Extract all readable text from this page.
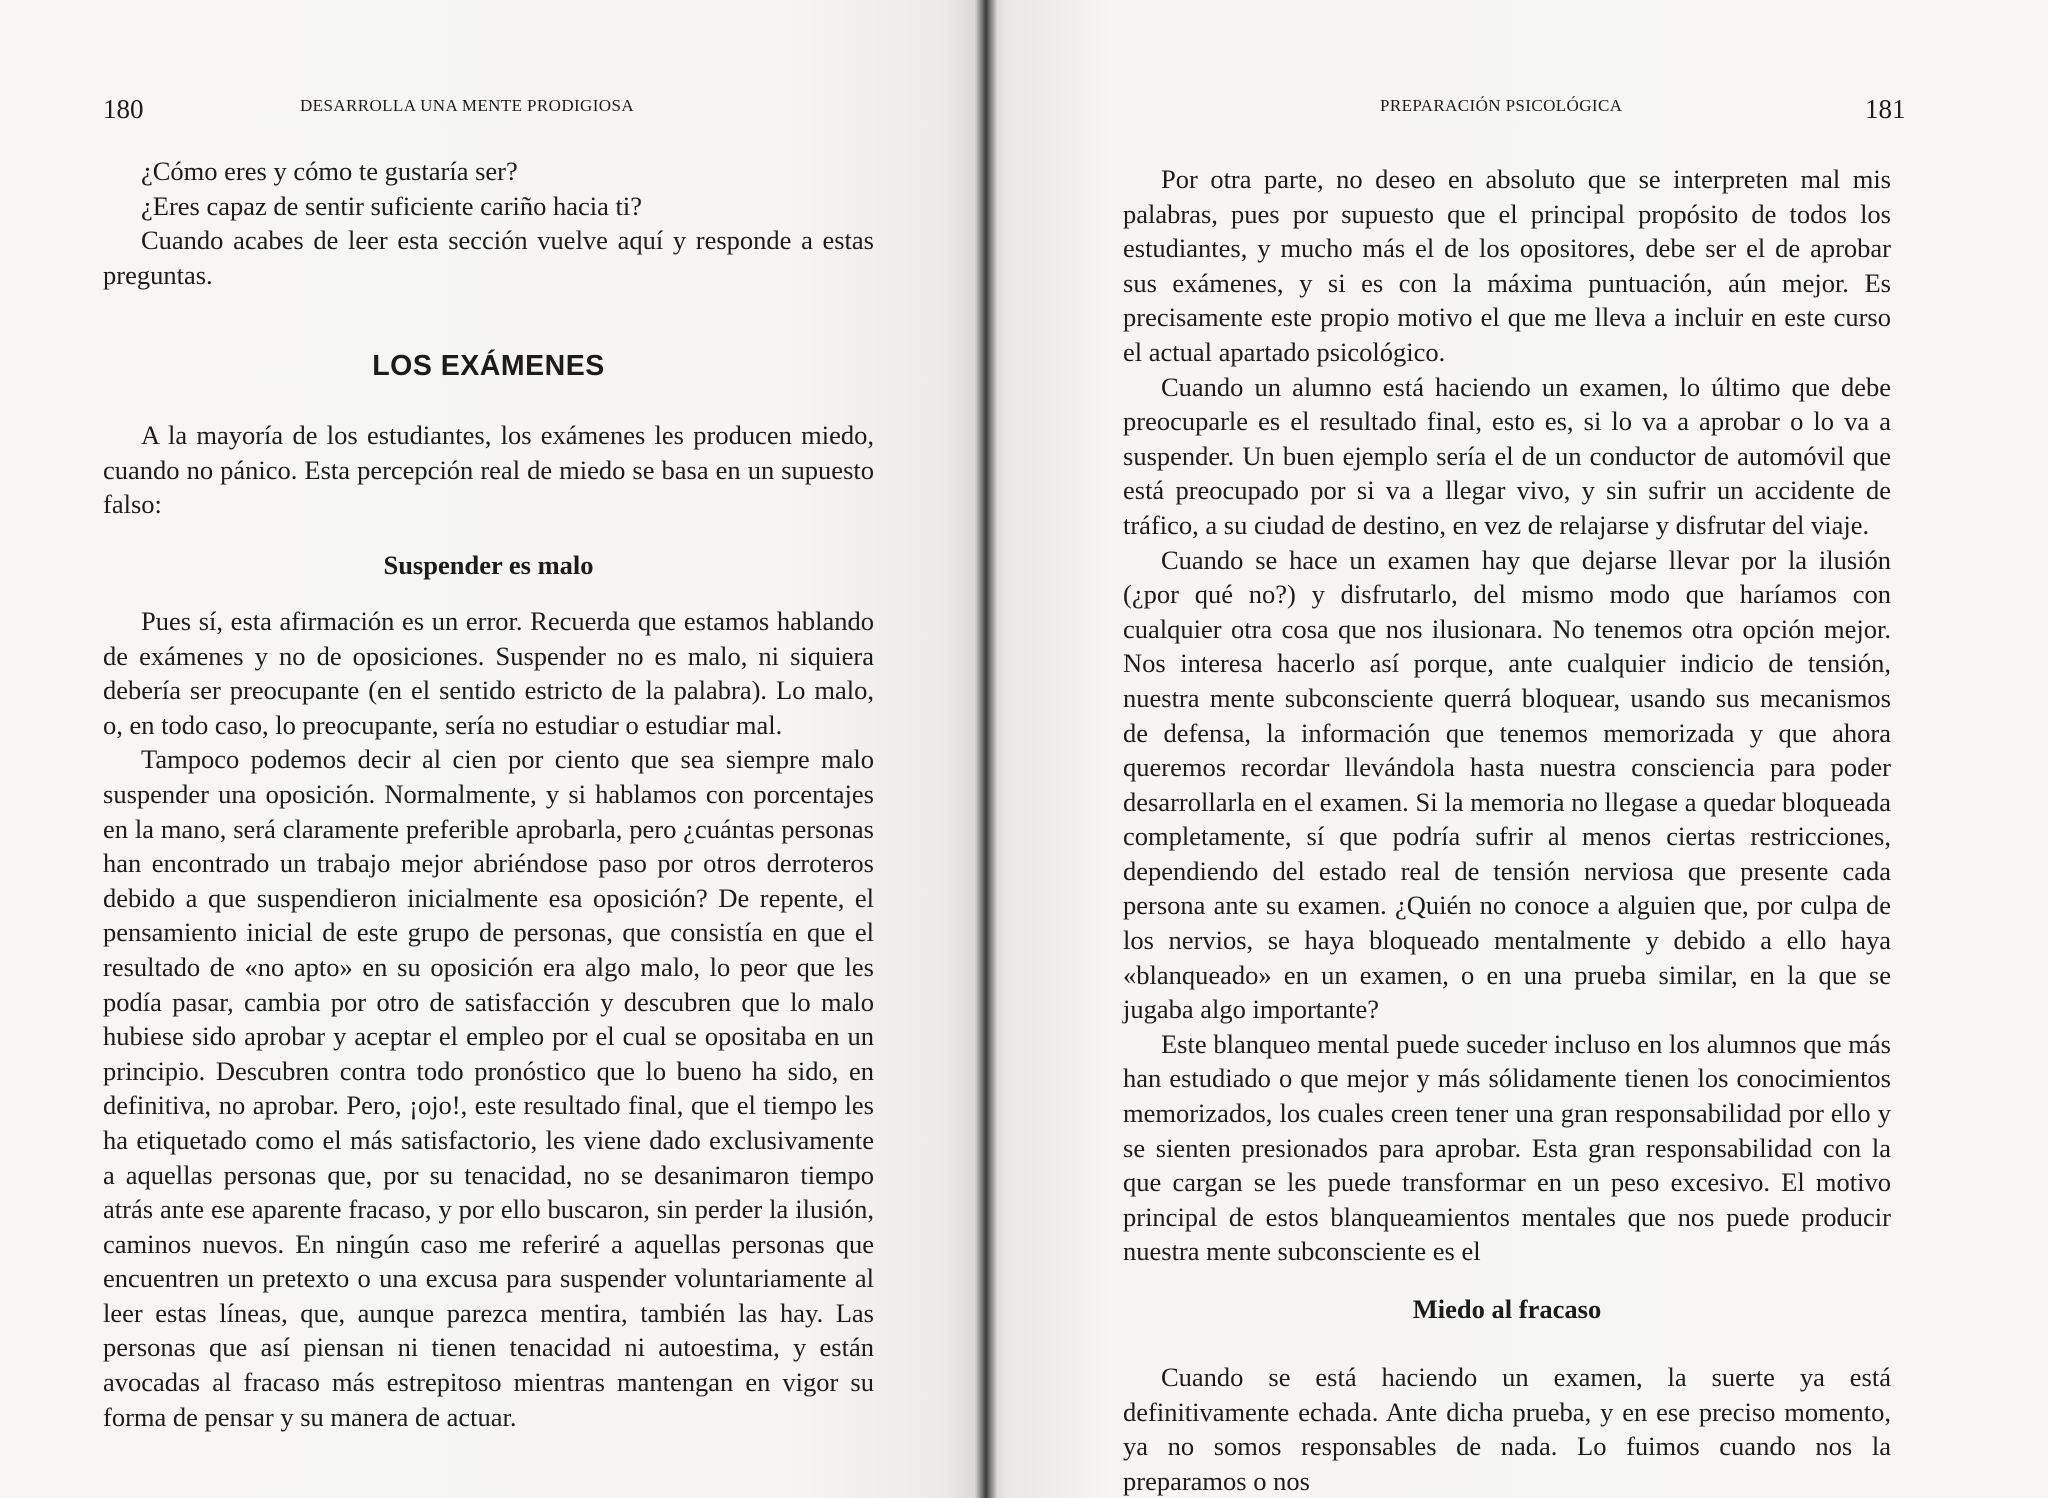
180	DESARROLLA UNA MENTE PRODIGIOSA

¿Cómo eres y cómo te gustaría ser?

¿Eres capaz de sentir suficiente cariño hacia ti?

Cuando acabes de leer esta sección vuelve aquí y responde a estas preguntas.

LOS EXÁMENES

A la mayoría de los estudiantes, los exámenes les producen miedo, cuando no pánico. Esta percepción real de miedo se basa en un supuesto falso:

Suspender es malo

Pues sí, esta afirmación es un error. Recuerda que estamos hablando de exámenes y no de oposiciones. Suspender no es malo, ni siquiera debería ser preocupante (en el sentido estricto de la palabra). Lo malo, o, en todo caso, lo preocupante, sería no estudiar o estudiar mal.

Tampoco podemos decir al cien por ciento que sea siempre malo suspender una oposición. Normalmente, y si hablamos con porcentajes en la mano, será claramente preferible aprobarla, pero ¿cuántas personas han encontrado un trabajo mejor abriéndose paso por otros derroteros debido a que suspendieron inicialmente esa oposición? De repente, el pensamiento inicial de este grupo de personas, que consistía en que el resultado de «no apto» en su oposición era algo malo, lo peor que les podía pasar, cambia por otro de satisfacción y descubren que lo malo hubiese sido aprobar y aceptar el empleo por el cual se opositaba en un principio. Descubren contra todo pronóstico que lo bueno ha sido, en definitiva, no aprobar. Pero, ¡ojo!, este resultado final, que el tiempo les ha etiquetado como el más satisfactorio, les viene dado exclusivamente a aquellas personas que, por su tenacidad, no se desanimaron tiempo atrás ante ese aparente fracaso, y por ello buscaron, sin perder la ilusión, caminos nuevos. En ningún caso me referiré a aquellas personas que encuentren un pretexto o una excusa para suspender voluntariamente al leer estas líneas, que, aunque parezca mentira, también las hay. Las personas que así piensan ni tienen tenacidad ni autoestima, y están avocadas al fracaso más estrepitoso mientras mantengan en vigor su forma de pensar y su manera de actuar.

PREPARACIÓN PSICOLÓGICA	181

Por otra parte, no deseo en absoluto que se interpreten mal mis palabras, pues por supuesto que el principal propósito de todos los estudiantes, y mucho más el de los opositores, debe ser el de aprobar sus exámenes, y si es con la máxima puntuación, aún mejor. Es precisamente este propio motivo el que me lleva a incluir en este curso el actual apartado psicológico.

Cuando un alumno está haciendo un examen, lo último que debe preocuparle es el resultado final, esto es, si lo va a aprobar o lo va a suspender. Un buen ejemplo sería el de un conductor de automóvil que está preocupado por si va a llegar vivo, y sin sufrir un accidente de tráfico, a su ciudad de destino, en vez de relajarse y disfrutar del viaje.

Cuando se hace un examen hay que dejarse llevar por la ilusión (¿por qué no?) y disfrutarlo, del mismo modo que haríamos con cualquier otra cosa que nos ilusionara. No tenemos otra opción mejor. Nos interesa hacerlo así porque, ante cualquier indicio de tensión, nuestra mente subconsciente querrá bloquear, usando sus mecanismos de defensa, la información que tenemos memorizada y que ahora queremos recordar llevándola hasta nuestra consciencia para poder desarrollarla en el examen. Si la memoria no llegase a quedar bloqueada completamente, sí que podría sufrir al menos ciertas restricciones, dependiendo del estado real de tensión nerviosa que presente cada persona ante su examen. ¿Quién no conoce a alguien que, por culpa de los nervios, se haya bloqueado mentalmente y debido a ello haya «blanqueado» en un examen, o en una prueba similar, en la que se jugaba algo importante?

Este blanqueo mental puede suceder incluso en los alumnos que más han estudiado o que mejor y más sólidamente tienen los conocimientos memorizados, los cuales creen tener una gran responsabilidad por ello y se sienten presionados para aprobar. Esta gran responsabilidad con la que cargan se les puede transformar en un peso excesivo. El motivo principal de estos blanqueamientos mentales que nos puede producir nuestra mente subconsciente es el

Miedo al fracaso

Cuando se está haciendo un examen, la suerte ya está definitivamente echada. Ante dicha prueba, y en ese preciso momento, ya no somos responsables de nada. Lo fuimos cuando nos la preparamos o nos
